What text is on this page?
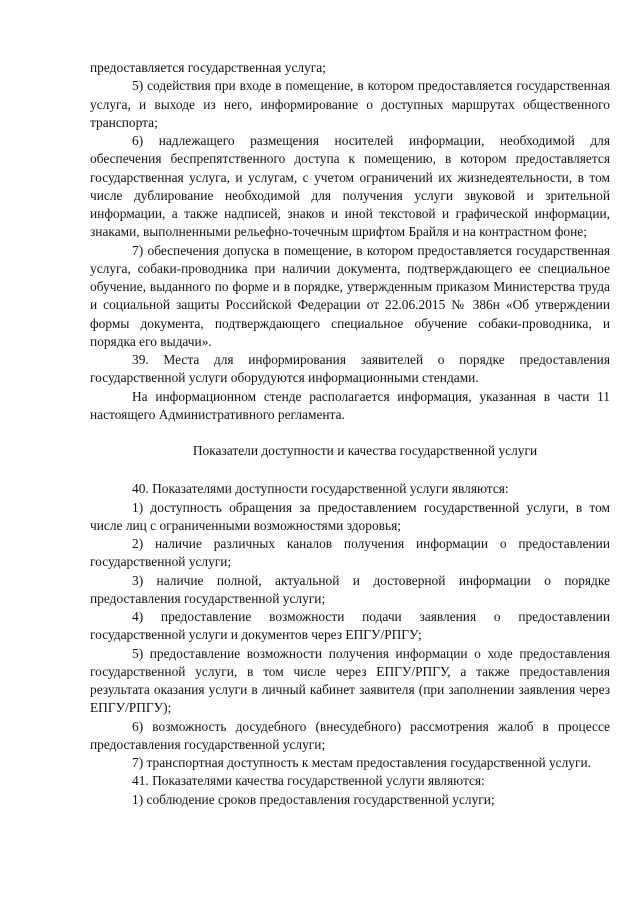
предоставляется государственная услуга;

5) содействия при входе в помещение, в котором предоставляется государственная услуга, и выходе из него, информирование о доступных маршрутах общественного транспорта;

6) надлежащего размещения носителей информации, необходимой для обеспечения беспрепятственного доступа к помещению, в котором предоставляется государственная услуга, и услугам, с учетом ограничений их жизнедеятельности, в том числе дублирование необходимой для получения услуги звуковой и зрительной информации, а также надписей, знаков и иной текстовой и графической информации, знаками, выполненными рельефно-точечным шрифтом Брайля и на контрастном фоне;

7) обеспечения допуска в помещение, в котором предоставляется государственная услуга, собаки-проводника при наличии документа, подтверждающего ее специальное обучение, выданного по форме и в порядке, утвержденным приказом Министерства труда и социальной защиты Российской Федерации от 22.06.2015 № 386н «Об утверждении формы документа, подтверждающего специальное обучение собаки-проводника, и порядка его выдачи».

39. Места для информирования заявителей о порядке предоставления государственной услуги оборудуются информационными стендами.

На информационном стенде располагается информация, указанная в части 11 настоящего Административного регламента.

Показатели доступности и качества государственной услуги

40. Показателями доступности государственной услуги являются:

1) доступность обращения за предоставлением государственной услуги, в том числе лиц с ограниченными возможностями здоровья;

2) наличие различных каналов получения информации о предоставлении государственной услуги;

3) наличие полной, актуальной и достоверной информации о порядке предоставления государственной услуги;

4) предоставление возможности подачи заявления о предоставлении государственной услуги и документов через ЕПГУ/РПГУ;

5) предоставление возможности получения информации о ходе предоставления государственной услуги, в том числе через ЕПГУ/РПГУ, а также предоставления результата оказания услуги в личный кабинет заявителя (при заполнении заявления через ЕПГУ/РПГУ);

6) возможность досудебного (внесудебного) рассмотрения жалоб в процессе предоставления государственной услуги;

7) транспортная доступность к местам предоставления государственной услуги.

41. Показателями качества государственной услуги являются:

1) соблюдение сроков предоставления государственной услуги;
